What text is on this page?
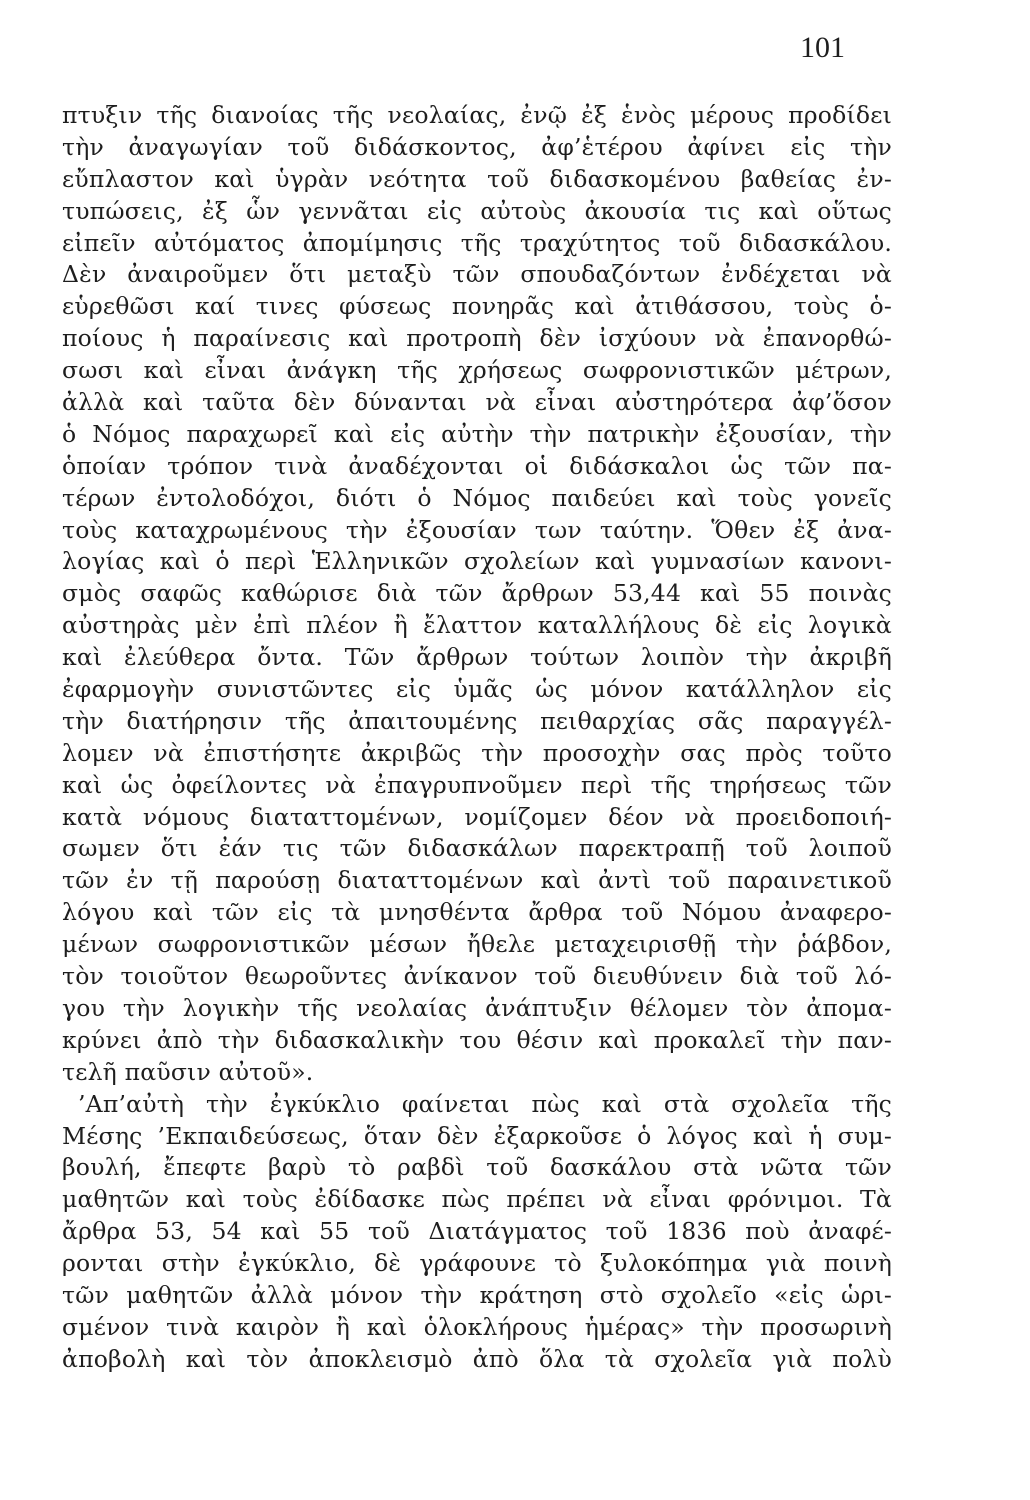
101
πτυξιν τῆς διανοίας τῆς νεολαίας, ἐνῷ ἐξ ἑνὸς μέρους προδίδει
τὴν ἀναγωγίαν τοῦ διδάσκοντος, ἀφ’ἑτέρου ἀφίνει εἰς τὴν
εὔπλαστον καὶ ὑγρὰν νεότητα τοῦ διδασκομένου βαθείας ἐν-
τυπώσεις, ἐξ ὧν γεννᾶται εἰς αὐτοὺς ἀκουσία τις καὶ οὕτως
εἰπεῖν αὐτόματος ἀπομίμησις τῆς τραχύτητος τοῦ διδασκάλου.
Δὲν ἀναιροῦμεν ὅτι μεταξὺ τῶν σπουδαζόντων ἐνδέχεται νὰ
εὑρεθῶσι καί τινες φύσεως πονηρᾶς καὶ ἀτιθάσσου, τοὺς ὁ-
ποίους ἡ παραίνεσις καὶ προτροπὴ δὲν ἰσχύουν νὰ ἐπανορθώ-
σωσι καὶ εἶναι ἀνάγκη τῆς χρήσεως σωφρονιστικῶν μέτρων,
ἀλλὰ καὶ ταῦτα δὲν δύνανται νὰ εἶναι αὐστηρότερα ἀφ’ὅσον
ὁ Νόμος παραχωρεῖ καὶ εἰς αὐτὴν τὴν πατρικὴν ἐξουσίαν, τὴν
ὁποίαν τρόπον τινὰ ἀναδέχονται οἱ διδάσκαλοι ὡς τῶν πα-
τέρων ἐντολοδόχοι, διότι ὁ Νόμος παιδεύει καὶ τοὺς γονεῖς
τοὺς καταχρωμένους τὴν ἐξουσίαν των ταύτην. Ὅθεν ἐξ ἀνα-
λογίας καὶ ὁ περὶ Ἑλληνικῶν σχολείων καὶ γυμνασίων κανονι-
σμὸς σαφῶς καθώρισε διὰ τῶν ἄρθρων 53,44 καὶ 55 ποινὰς
αὐστηρὰς μὲν ἐπὶ πλέον ἢ ἔλαττον καταλλήλους δὲ εἰς λογικὰ
καὶ ἐλεύθερα ὄντα. Τῶν ἄρθρων τούτων λοιπὸν τὴν ἀκριβῆ
ἐφαρμογὴν συνιστῶντες εἰς ὑμᾶς ὡς μόνον κατάλληλον εἰς
τὴν διατήρησιν τῆς ἀπαιτουμένης πειθαρχίας σᾶς παραγγέλ-
λομεν νὰ ἐπιστήσητε ἀκριβῶς τὴν προσοχὴν σας πρὸς τοῦτο
καὶ ὡς ὀφείλοντες νὰ ἐπαγρυπνοῦμεν περὶ τῆς τηρήσεως τῶν
κατὰ νόμους διαταττομένων, νομίζομεν δέον νὰ προειδοποιή-
σωμεν ὅτι ἐάν τις τῶν διδασκάλων παρεκτραπῇ τοῦ λοιποῦ
τῶν ἐν τῇ παρούσῃ διαταττομένων καὶ ἀντὶ τοῦ παραινετικοῦ
λόγου καὶ τῶν εἰς τὰ μνησθέντα ἄρθρα τοῦ Νόμου ἀναφερο-
μένων σωφρονιστικῶν μέσων ἤθελε μεταχειρισθῇ τὴν ῥάβδον,
τὸν τοιοῦτον θεωροῦντες ἀνίκανον τοῦ διευθύνειν διὰ τοῦ λό-
γου τὴν λογικὴν τῆς νεολαίας ἀνάπτυξιν θέλομεν τὸν ἀπομα-
κρύνει ἀπὸ τὴν διδασκαλικὴν του θέσιν καὶ προκαλεῖ τὴν παν-
τελῆ παῦσιν αὐτοῦ».
’Απ’αὐτὴ τὴν ἐγκύκλιο φαίνεται πὼς καὶ στὰ σχολεῖα τῆς
Μέσης ’Εκπαιδεύσεως, ὅταν δὲν ἐξαρκοῦσε ὁ λόγος καὶ ἡ συμ-
βουλή, ἔπεφτε βαρὺ τὸ ραβδὶ τοῦ δασκάλου στὰ νῶτα τῶν
μαθητῶν καὶ τοὺς ἐδίδασκε πὼς πρέπει νὰ εἶναι φρόνιμοι. Τὰ
ἄρθρα 53, 54 καὶ 55 τοῦ Διατάγματος τοῦ 1836 ποὺ ἀναφέ-
ρονται στὴν ἐγκύκλιο, δὲ γράφουνε τὸ ξυλοκόπημα γιὰ ποινὴ
τῶν μαθητῶν ἀλλὰ μόνον τὴν κράτηση στὸ σχολεῖο «εἰς ὡρι-
σμένον τινὰ καιρὸν ἢ καὶ ὁλοκλήρους ἡμέρας» τὴν προσωρινὴ
ἀποβολὴ καὶ τὸν ἀποκλεισμὸ ἀπὸ ὅλα τὰ σχολεῖα γιὰ πολὺ
